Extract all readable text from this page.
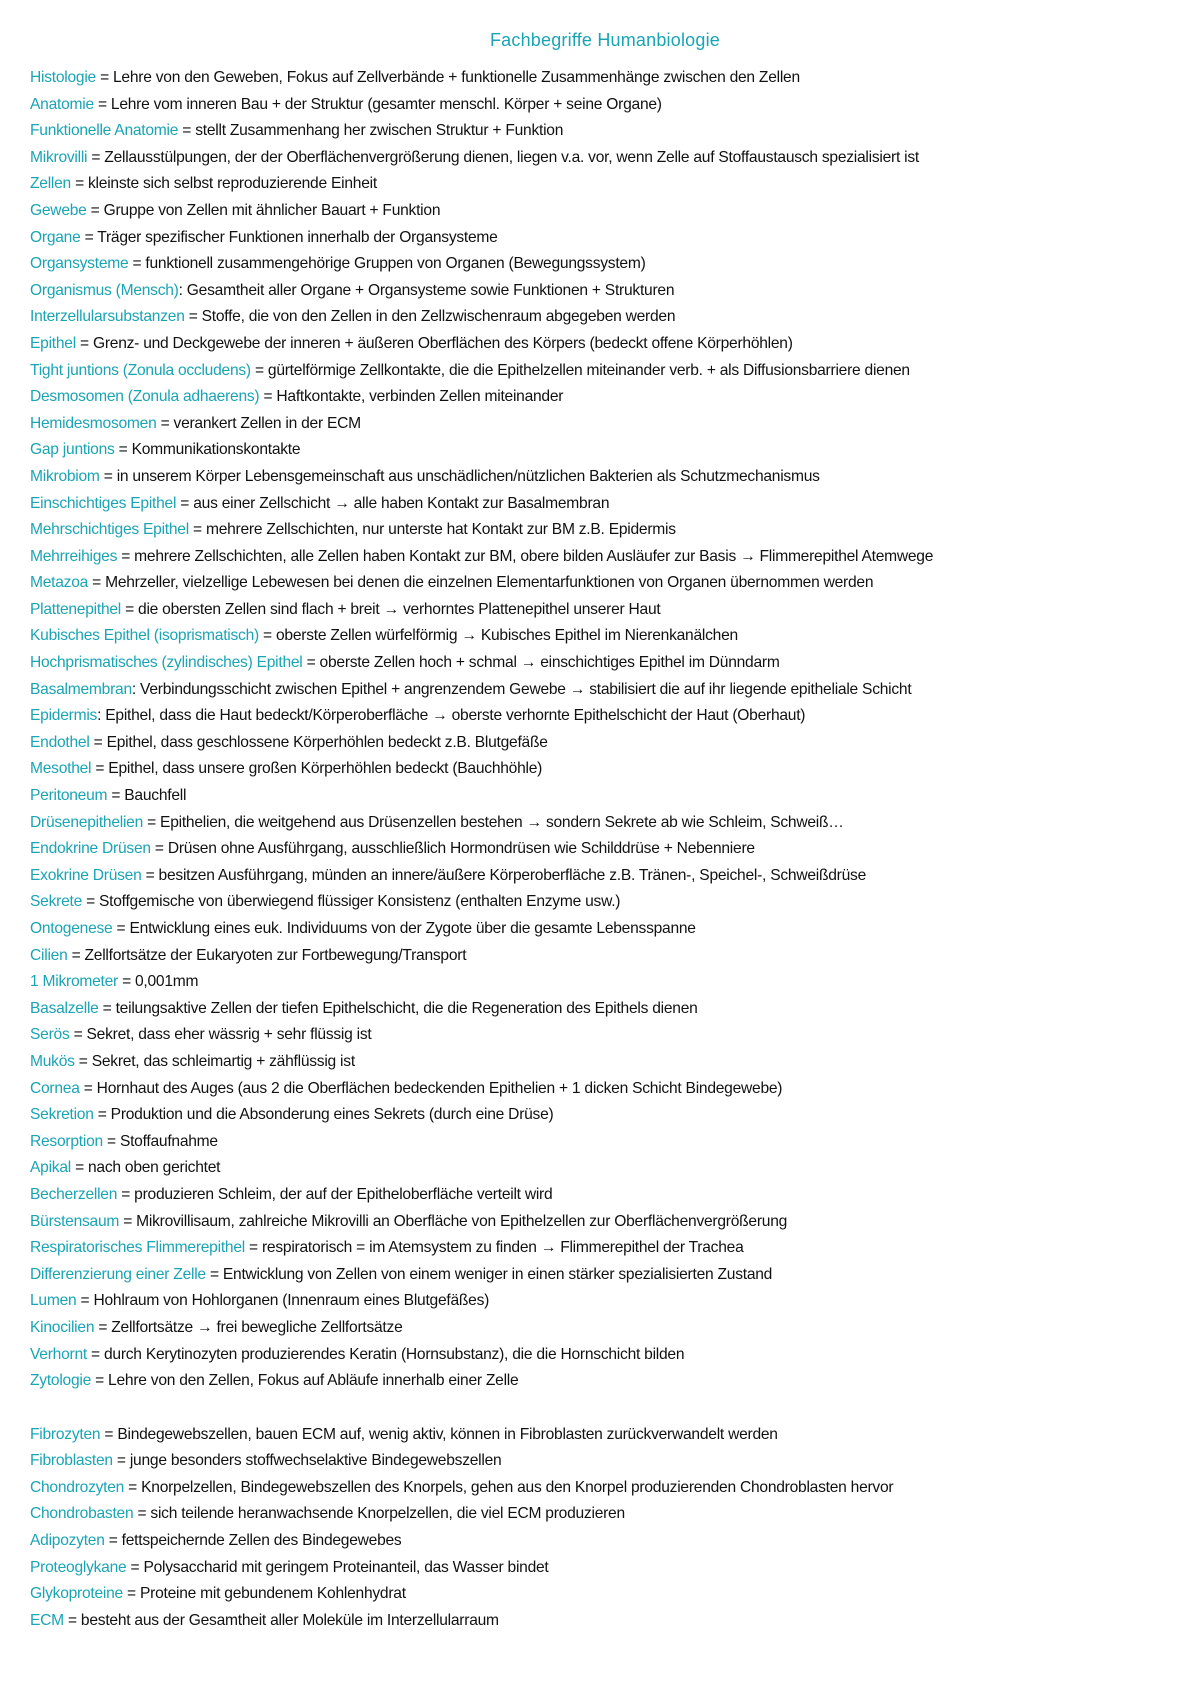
Fachbegriffe Humanbiologie
Histologie = Lehre von den Geweben, Fokus auf Zellverbände + funktionelle Zusammenhänge zwischen den Zellen
Anatomie = Lehre vom inneren Bau + der Struktur (gesamter menschl. Körper + seine Organe)
Funktionelle Anatomie = stellt Zusammenhang her zwischen Struktur + Funktion
Mikrovilli = Zellausstülpungen, der der Oberflächenvergrößerung dienen, liegen v.a. vor, wenn Zelle auf Stoffaustausch spezialisiert ist
Zellen = kleinste sich selbst reproduzierende Einheit
Gewebe = Gruppe von Zellen mit ähnlicher Bauart + Funktion
Organe = Träger spezifischer Funktionen innerhalb der Organsysteme
Organsysteme = funktionell zusammengehörige Gruppen von Organen (Bewegungssystem)
Organismus (Mensch): Gesamtheit aller Organe + Organsysteme sowie Funktionen + Strukturen
Interzellularsubstanzen = Stoffe, die von den Zellen in den Zellzwischenraum abgegeben werden
Epithel = Grenz- und Deckgewebe der inneren + äußeren Oberflächen des Körpers (bedeckt offene Körperhöhlen)
Tight juntions (Zonula occludens) = gürtelförmige Zellkontakte, die die Epithelzellen miteinander verb. + als Diffusionsbarriere dienen
Desmosomen (Zonula adhaerens) = Haftkontakte, verbinden Zellen miteinander
Hemidesmosomen = verankert Zellen in der ECM
Gap juntions = Kommunikationskontakte
Mikrobiom = in unserem Körper Lebensgemeinschaft aus unschädlichen/nützlichen Bakterien als Schutzmechanismus
Einschichtiges Epithel = aus einer Zellschicht → alle haben Kontakt zur Basalmembran
Mehrschichtiges Epithel = mehrere Zellschichten, nur unterste hat Kontakt zur BM z.B. Epidermis
Mehrreihiges = mehrere Zellschichten, alle Zellen haben Kontakt zur BM, obere bilden Ausläufer zur Basis → Flimmerepithel Atemwege
Metazoa = Mehrzeller, vielzellige Lebewesen bei denen die einzelnen Elementarfunktionen von Organen übernommen werden
Plattenepithel = die obersten Zellen sind flach + breit → verhorntes Plattenepithel unserer Haut
Kubisches Epithel (isoprismatisch) = oberste Zellen würfelförmig → Kubisches Epithel im Nierenkanälchen
Hochprismatisches (zylindisches) Epithel = oberste Zellen hoch + schmal → einschichtiges Epithel im Dünndarm
Basalmembran: Verbindungsschicht zwischen Epithel + angrenzendem Gewebe → stabilisiert die auf ihr liegende epitheliale Schicht
Epidermis: Epithel, dass die Haut bedeckt/Körperoberfläche → oberste verhornte Epithelschicht der Haut (Oberhaut)
Endothel = Epithel, dass geschlossene Körperhöhlen bedeckt z.B. Blutgefäße
Mesothel = Epithel, dass unsere großen Körperhöhlen bedeckt (Bauchhöhle)
Peritoneum = Bauchfell
Drüsenepithelien = Epithelien, die weitgehend aus Drüsenzellen bestehen → sondern Sekrete ab wie Schleim, Schweiß…
Endokrine Drüsen = Drüsen ohne Ausführgang, ausschließlich Hormondrüsen wie Schilddrüse + Nebenniere
Exokrine Drüsen = besitzen Ausführgang, münden an innere/äußere Körperoberfläche z.B. Tränen-, Speichel-, Schweißdrüse
Sekrete = Stoffgemische von überwiegend flüssiger Konsistenz (enthalten Enzyme usw.)
Ontogenese = Entwicklung eines euk. Individuums von der Zygote über die gesamte Lebensspanne
Cilien = Zellfortsätze der Eukaryoten zur Fortbewegung/Transport
1 Mikrometer = 0,001mm
Basalzelle = teilungsaktive Zellen der tiefen Epithelschicht, die die Regeneration des Epithels dienen
Serös = Sekret, dass eher wässrig + sehr flüssig ist
Mukös = Sekret, das schleimartig + zähflüssig ist
Cornea = Hornhaut des Auges (aus 2 die Oberflächen bedeckenden Epithelien + 1 dicken Schicht Bindegewebe)
Sekretion = Produktion und die Absonderung eines Sekrets (durch eine Drüse)
Resorption = Stoffaufnahme
Apikal = nach oben gerichtet
Becherzellen = produzieren Schleim, der auf der Epitheloberfläche verteilt wird
Bürstensaum = Mikrovillisaum, zahlreiche Mikrovilli an Oberfläche von Epithelzellen zur Oberflächenvergrößerung
Respiratorisches Flimmerepithel = respiratorisch = im Atemsystem zu finden → Flimmerepithel der Trachea
Differenzierung einer Zelle = Entwicklung von Zellen von einem weniger in einen stärker spezialisierten Zustand
Lumen = Hohlraum von Hohlorganen (Innenraum eines Blutgefäßes)
Kinocilien = Zellfortsätze → frei bewegliche Zellfortsätze
Verhornt = durch Kerytinozyten produzierendes Keratin (Hornsubstanz), die die Hornschicht bilden
Zytologie = Lehre von den Zellen, Fokus auf Abläufe innerhalb einer Zelle
Fibrozyten = Bindegewebszellen, bauen ECM auf, wenig aktiv, können in Fibroblasten zurückverwandelt werden
Fibroblasten = junge besonders stoffwechselaktive Bindegewebszellen
Chondrozyten = Knorpelzellen, Bindegewebszellen des Knorpels, gehen aus den Knorpel produzierenden Chondroblasten hervor
Chondrobasten = sich teilende heranwachsende Knorpelzellen, die viel ECM produzieren
Adipozyten = fettspeichernde Zellen des Bindegewebes
Proteoglykane = Polysaccharid mit geringem Proteinanteil, das Wasser bindet
Glykoproteine = Proteine mit gebundenem Kohlenhydrat
ECM = besteht aus der Gesamtheit aller Moleküle im Interzellularraum
